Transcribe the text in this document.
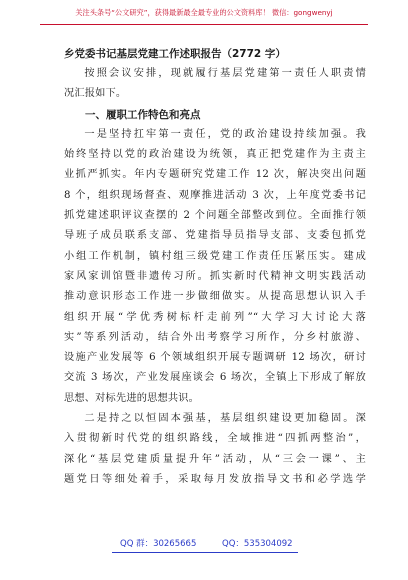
关注头条号“公文研究”，获得最新最全最专业的公文资料库！ 微信：gongwenyj
乡党委书记基层党建工作述职报告（2772 字）
按照会议安排，现就履行基层党建第一责任人职责情
况汇报如下。
一、履职工作特色和亮点
一是坚持扛牢第一责任，党的政治建设持续加强。我
始终坚持以党的政治建设为统领，真正把党建作为主责主
业抓严抓实。年内专题研究党建工作 12 次，解决突出问题
8 个，组织现场督查、观摩推进活动 3 次，上年度党委书记
抓党建述职评议查摆的 2 个问题全部整改到位。全面推行领
导班子成员联系支部、党建指导员指导支部、支委包抓党
小组工作机制，镇村组三级党建工作责任压紧压实。建成
家风家训馆暨非遗传习所。抓实新时代精神文明实践活动
推动意识形态工作进一步做细做实。从提高思想认识入手
组织开展“学优秀树标杆走前列”“大学习大讨论大落
实”等系列活动，结合外出考察学习所作，分乡村旅游、
设施产业发展等 6 个领域组织开展专题调研 12 场次，研讨
交流 3 场次，产业发展座谈会 6 场次，全镇上下形成了解放
思想、对标先进的思想共识。
二是持之以恒固本强基，基层组织建设更加稳固。深
入贯彻新时代党的组织路线，全域推进“四抓两整治”，
深化“基层党建质量提升年”活动，从“三会一课”、主
题党日等细处着手，采取每月发放指导文书和必学选学
QQ 群：30265665	QQ：535304092
